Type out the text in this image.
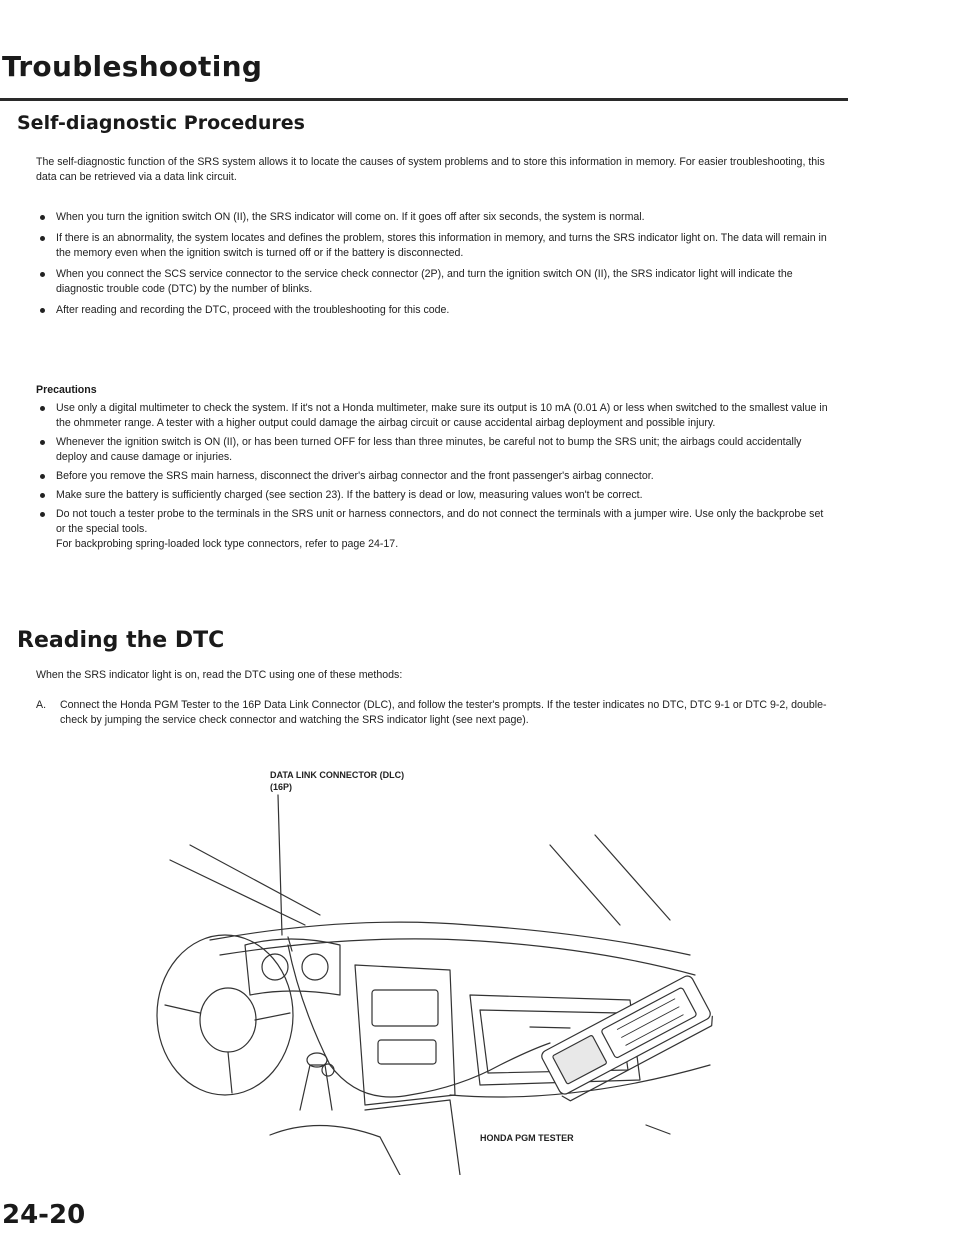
Troubleshooting
Self-diagnostic Procedures
The self-diagnostic function of the SRS system allows it to locate the causes of system problems and to store this information in memory. For easier troubleshooting, this data can be retrieved via a data link circuit.
When you turn the ignition switch ON (II), the SRS indicator will come on. If it goes off after six seconds, the system is normal.
If there is an abnormality, the system locates and defines the problem, stores this information in memory, and turns the SRS indicator light on. The data will remain in the memory even when the ignition switch is turned off or if the battery is disconnected.
When you connect the SCS service connector to the service check connector (2P), and turn the ignition switch ON (II), the SRS indicator light will indicate the diagnostic trouble code (DTC) by the number of blinks.
After reading and recording the DTC, proceed with the troubleshooting for this code.
Precautions
Use only a digital multimeter to check the system. If it's not a Honda multimeter, make sure its output is 10 mA (0.01 A) or less when switched to the smallest value in the ohmmeter range. A tester with a higher output could damage the airbag circuit or cause accidental airbag deployment and possible injury.
Whenever the ignition switch is ON (II), or has been turned OFF for less than three minutes, be careful not to bump the SRS unit; the airbags could accidentally deploy and cause damage or injuries.
Before you remove the SRS main harness, disconnect the driver's airbag connector and the front passenger's airbag connector.
Make sure the battery is sufficiently charged (see section 23). If the battery is dead or low, measuring values won't be correct.
Do not touch a tester probe to the terminals in the SRS unit or harness connectors, and do not connect the terminals with a jumper wire. Use only the backprobe set or the special tools.
For backprobing spring-loaded lock type connectors, refer to page 24-17.
Reading the DTC
When the SRS indicator light is on, read the DTC using one of these methods:
A.	Connect the Honda PGM Tester to the 16P Data Link Connector (DLC), and follow the tester's prompts. If the tester indicates no DTC, DTC 9-1 or DTC 9-2, double-check by jumping the service check connector and watching the SRS indicator light (see next page).
DATA LINK CONNECTOR (DLC)
(16P)
HONDA PGM TESTER
24-20
